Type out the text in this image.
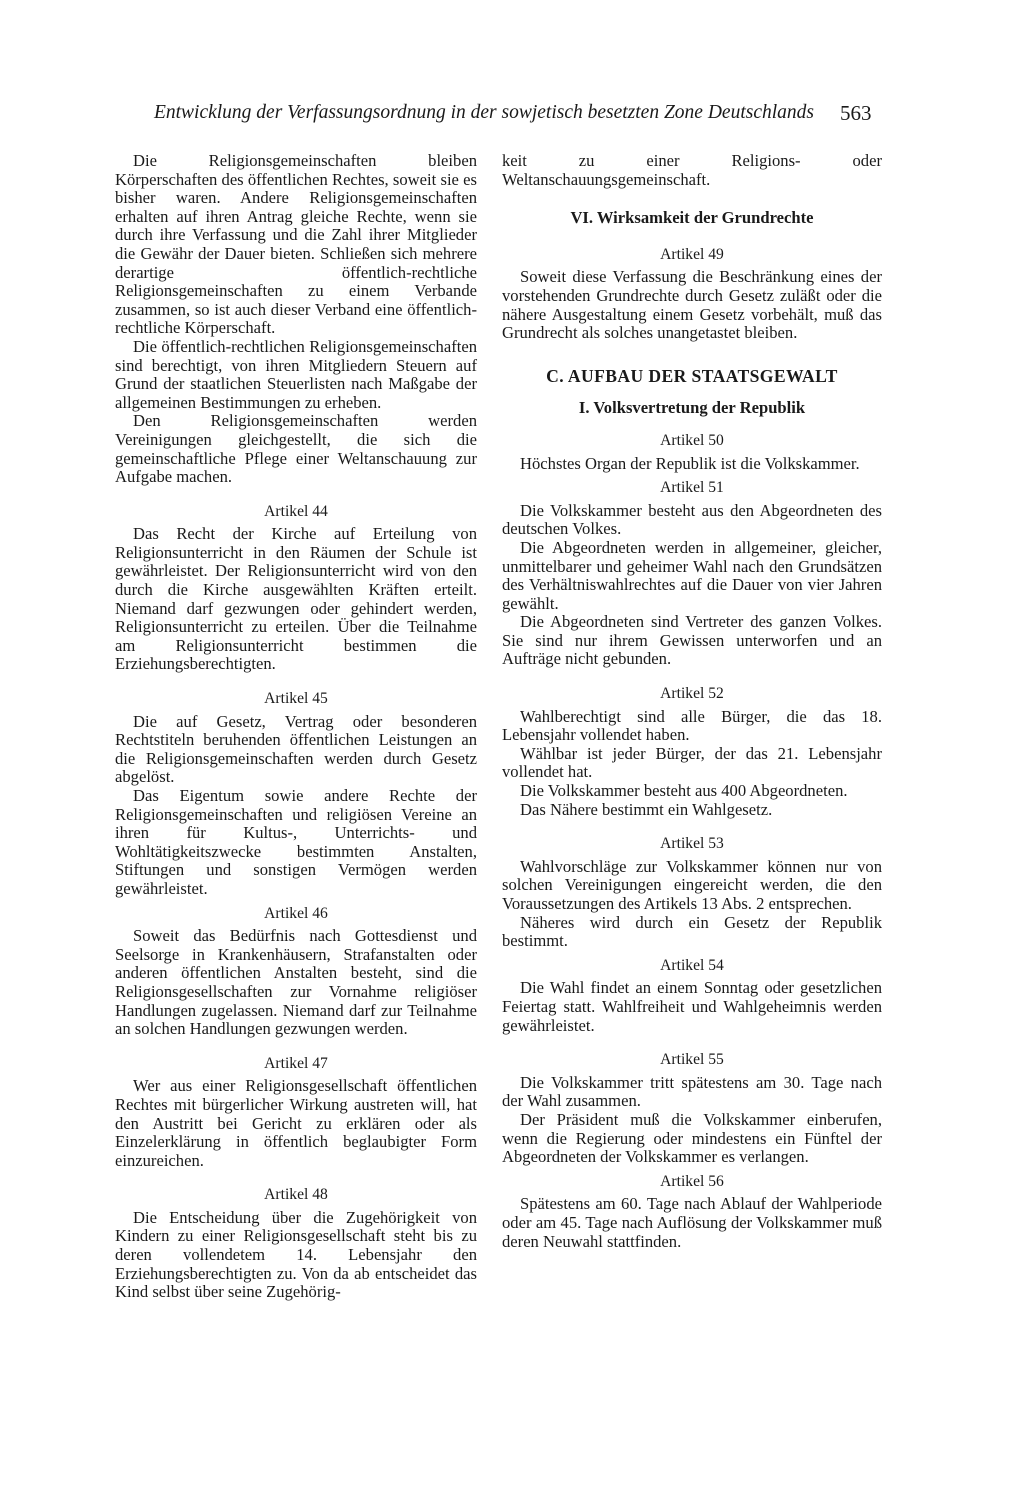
Entwicklung der Verfassungsordnung in der sowjetisch besetzten Zone Deutschlands 563

Die Religionsgemeinschaften bleiben Körperschaften des öffentlichen Rechtes, soweit sie es bisher waren. Andere Religionsgemeinschaften erhalten auf ihren Antrag gleiche Rechte, wenn sie durch ihre Verfassung und die Zahl ihrer Mitglieder die Gewähr der Dauer bieten. Schließen sich mehrere derartige öffentlich-rechtliche Religionsgemeinschaften zu einem Verbande zusammen, so ist auch dieser Verband eine öffentlich-rechtliche Körperschaft.

Die öffentlich-rechtlichen Religionsgemeinschaften sind berechtigt, von ihren Mitgliedern Steuern auf Grund der staatlichen Steuerlisten nach Maßgabe der allgemeinen Bestimmungen zu erheben.

Den Religionsgemeinschaften werden Vereinigungen gleichgestellt, die sich die gemeinschaftliche Pflege einer Weltanschauung zur Aufgabe machen.

Artikel 44

Das Recht der Kirche auf Erteilung von Religionsunterricht in den Räumen der Schule ist gewährleistet. Der Religionsunterricht wird von den durch die Kirche ausgewählten Kräften erteilt. Niemand darf gezwungen oder gehindert werden, Religionsunterricht zu erteilen. Über die Teilnahme am Religionsunterricht bestimmen die Erziehungsberechtigten.

Artikel 45

Die auf Gesetz, Vertrag oder besonderen Rechtstiteln beruhenden öffentlichen Leistungen an die Religionsgemeinschaften werden durch Gesetz abgelöst.

Das Eigentum sowie andere Rechte der Religionsgemeinschaften und religiösen Vereine an ihren für Kultus-, Unterrichts- und Wohltätigkeitszwecke bestimmten Anstalten, Stiftungen und sonstigen Vermögen werden gewährleistet.

Artikel 46

Soweit das Bedürfnis nach Gottesdienst und Seelsorge in Krankenhäusern, Strafanstalten oder anderen öffentlichen Anstalten besteht, sind die Religionsgesellschaften zur Vornahme religiöser Handlungen zugelassen. Niemand darf zur Teilnahme an solchen Handlungen gezwungen werden.

Artikel 47

Wer aus einer Religionsgesellschaft öffentlichen Rechtes mit bürgerlicher Wirkung austreten will, hat den Austritt bei Gericht zu erklären oder als Einzelerklärung in öffentlich beglaubigter Form einzureichen.

Artikel 48

Die Entscheidung über die Zugehörigkeit von Kindern zu einer Religionsgesellschaft steht bis zu deren vollendetem 14. Lebensjahr den Erziehungsberechtigten zu. Von da ab entscheidet das Kind selbst über seine Zugehörig-

keit zu einer Religions- oder Weltanschauungsgemeinschaft.

VI. Wirksamkeit der Grundrechte
Artikel 49

Soweit diese Verfassung die Beschränkung eines der vorstehenden Grundrechte durch Gesetz zuläßt oder die nähere Ausgestaltung einem Gesetz vorbehält, muß das Grundrecht als solches unangetastet bleiben.

C. AUFBAU DER STAATSGEWALT
I. Volksvertretung der Republik
Artikel 50

Höchstes Organ der Republik ist die Volkskammer.

Artikel 51

Die Volkskammer besteht aus den Abgeordneten des deutschen Volkes.

Die Abgeordneten werden in allgemeiner, gleicher, unmittelbarer und geheimer Wahl nach den Grundsätzen des Verhältniswahlrechtes auf die Dauer von vier Jahren gewählt.

Die Abgeordneten sind Vertreter des ganzen Volkes. Sie sind nur ihrem Gewissen unterworfen und an Aufträge nicht gebunden.

Artikel 52

Wahlberechtigt sind alle Bürger, die das 18. Lebensjahr vollendet haben.

Wählbar ist jeder Bürger, der das 21. Lebensjahr vollendet hat.

Die Volkskammer besteht aus 400 Abgeordneten.

Das Nähere bestimmt ein Wahlgesetz.

Artikel 53

Wahlvorschläge zur Volkskammer können nur von solchen Vereinigungen eingereicht werden, die den Voraussetzungen des Artikels 13 Abs. 2 entsprechen.

Näheres wird durch ein Gesetz der Republik bestimmt.

Artikel 54

Die Wahl findet an einem Sonntag oder gesetzlichen Feiertag statt. Wahlfreiheit und Wahlgeheimnis werden gewährleistet.

Artikel 55

Die Volkskammer tritt spätestens am 30. Tage nach der Wahl zusammen.

Der Präsident muß die Volkskammer einberufen, wenn die Regierung oder mindestens ein Fünftel der Abgeordneten der Volkskammer es verlangen.

Artikel 56

Spätestens am 60. Tage nach Ablauf der Wahlperiode oder am 45. Tage nach Auflösung der Volkskammer muß deren Neuwahl stattfinden.
